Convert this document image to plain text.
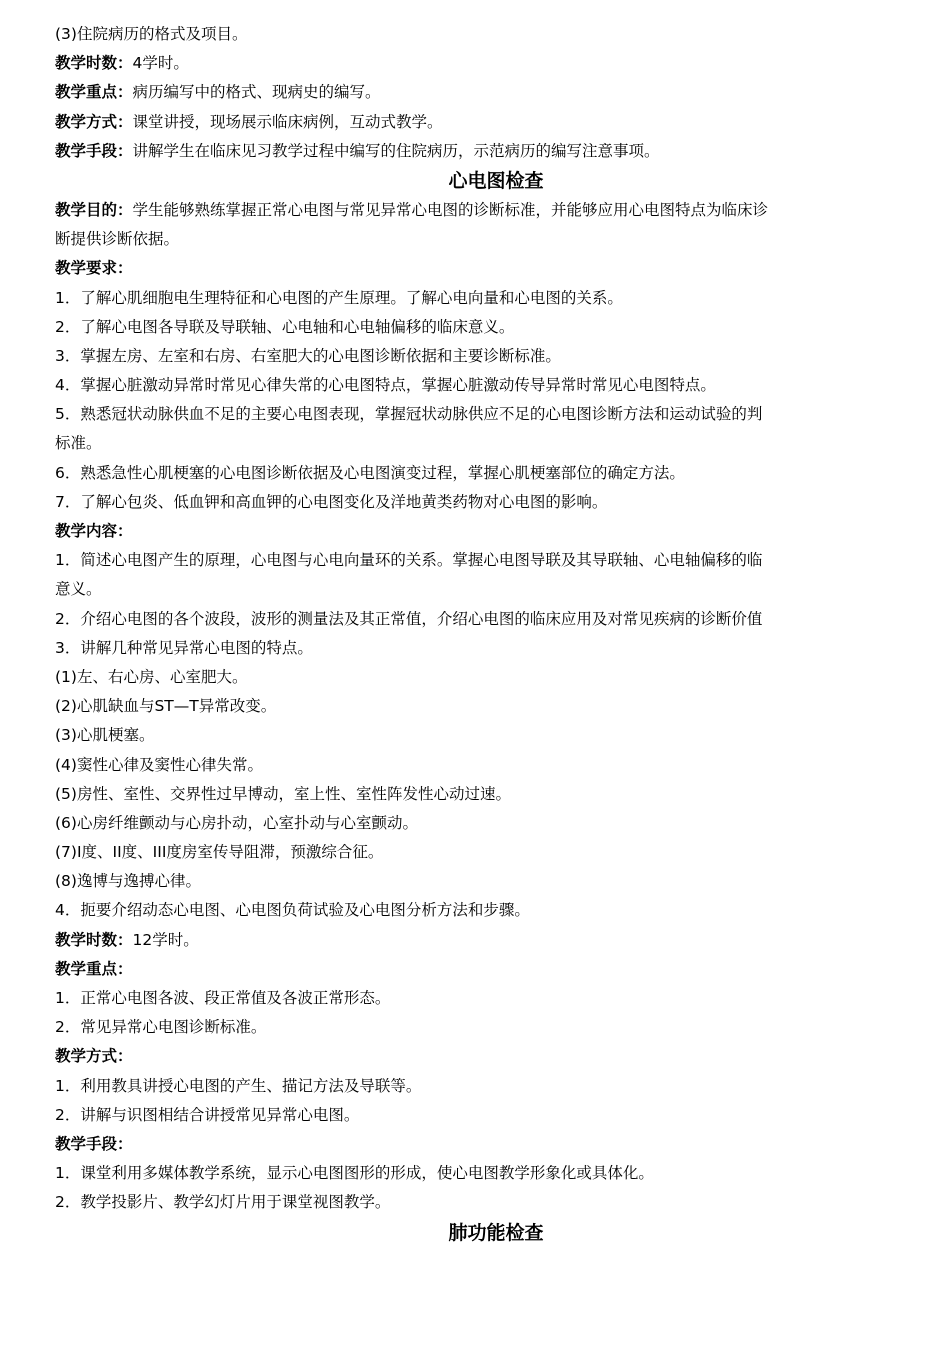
(3)住院病历的格式及项目。
教学时数：4学时。
教学重点：病历编写中的格式、现病史的编写。
教学方式：课堂讲授，现场展示临床病例，互动式教学。
教学手段：讲解学生在临床见习教学过程中编写的住院病历，示范病历的编写注意事项。
心电图检查
教学目的：学生能够熟练掌握正常心电图与常见异常心电图的诊断标准，并能够应用心电图特点为临床诊
断提供诊断依据。
教学要求：
1．了解心肌细胞电生理特征和心电图的产生原理。了解心电向量和心电图的关系。
2．了解心电图各导联及导联轴、心电轴和心电轴偏移的临床意义。
3．掌握左房、左室和右房、右室肥大的心电图诊断依据和主要诊断标准。
4．掌握心脏激动异常时常见心律失常的心电图特点，掌握心脏激动传导异常时常见心电图特点。
5．熟悉冠状动脉供血不足的主要心电图表现，掌握冠状动脉供应不足的心电图诊断方法和运动试验的判
标准。
6．熟悉急性心肌梗塞的心电图诊断依据及心电图演变过程，掌握心肌梗塞部位的确定方法。
7．了解心包炎、低血钾和高血钾的心电图变化及洋地黄类药物对心电图的影响。
教学内容：
1．简述心电图产生的原理，心电图与心电向量环的关系。掌握心电图导联及其导联轴、心电轴偏移的临
意义。
2．介绍心电图的各个波段，波形的测量法及其正常值，介绍心电图的临床应用及对常见疾病的诊断价值
3．讲解几种常见异常心电图的特点。
(1)左、右心房、心室肥大。
(2)心肌缺血与ST—T异常改变。
(3)心肌梗塞。
(4)窦性心律及窦性心律失常。
(5)房性、室性、交界性过早博动，室上性、室性阵发性心动过速。
(6)心房纤维颤动与心房扑动，心室扑动与心室颤动。
(7)I度、II度、III度房室传导阻滞，预激综合征。
(8)逸博与逸搏心律。
4．扼要介绍动态心电图、心电图负荷试验及心电图分析方法和步骤。
教学时数：12学时。
教学重点：
1．正常心电图各波、段正常值及各波正常形态。
2．常见异常心电图诊断标准。
教学方式：
1．利用教具讲授心电图的产生、描记方法及导联等。
2．讲解与识图相结合讲授常见异常心电图。
教学手段：
1．课堂利用多媒体教学系统，显示心电图图形的形成，使心电图教学形象化或具体化。
2．教学投影片、教学幻灯片用于课堂视图教学。
肺功能检查
